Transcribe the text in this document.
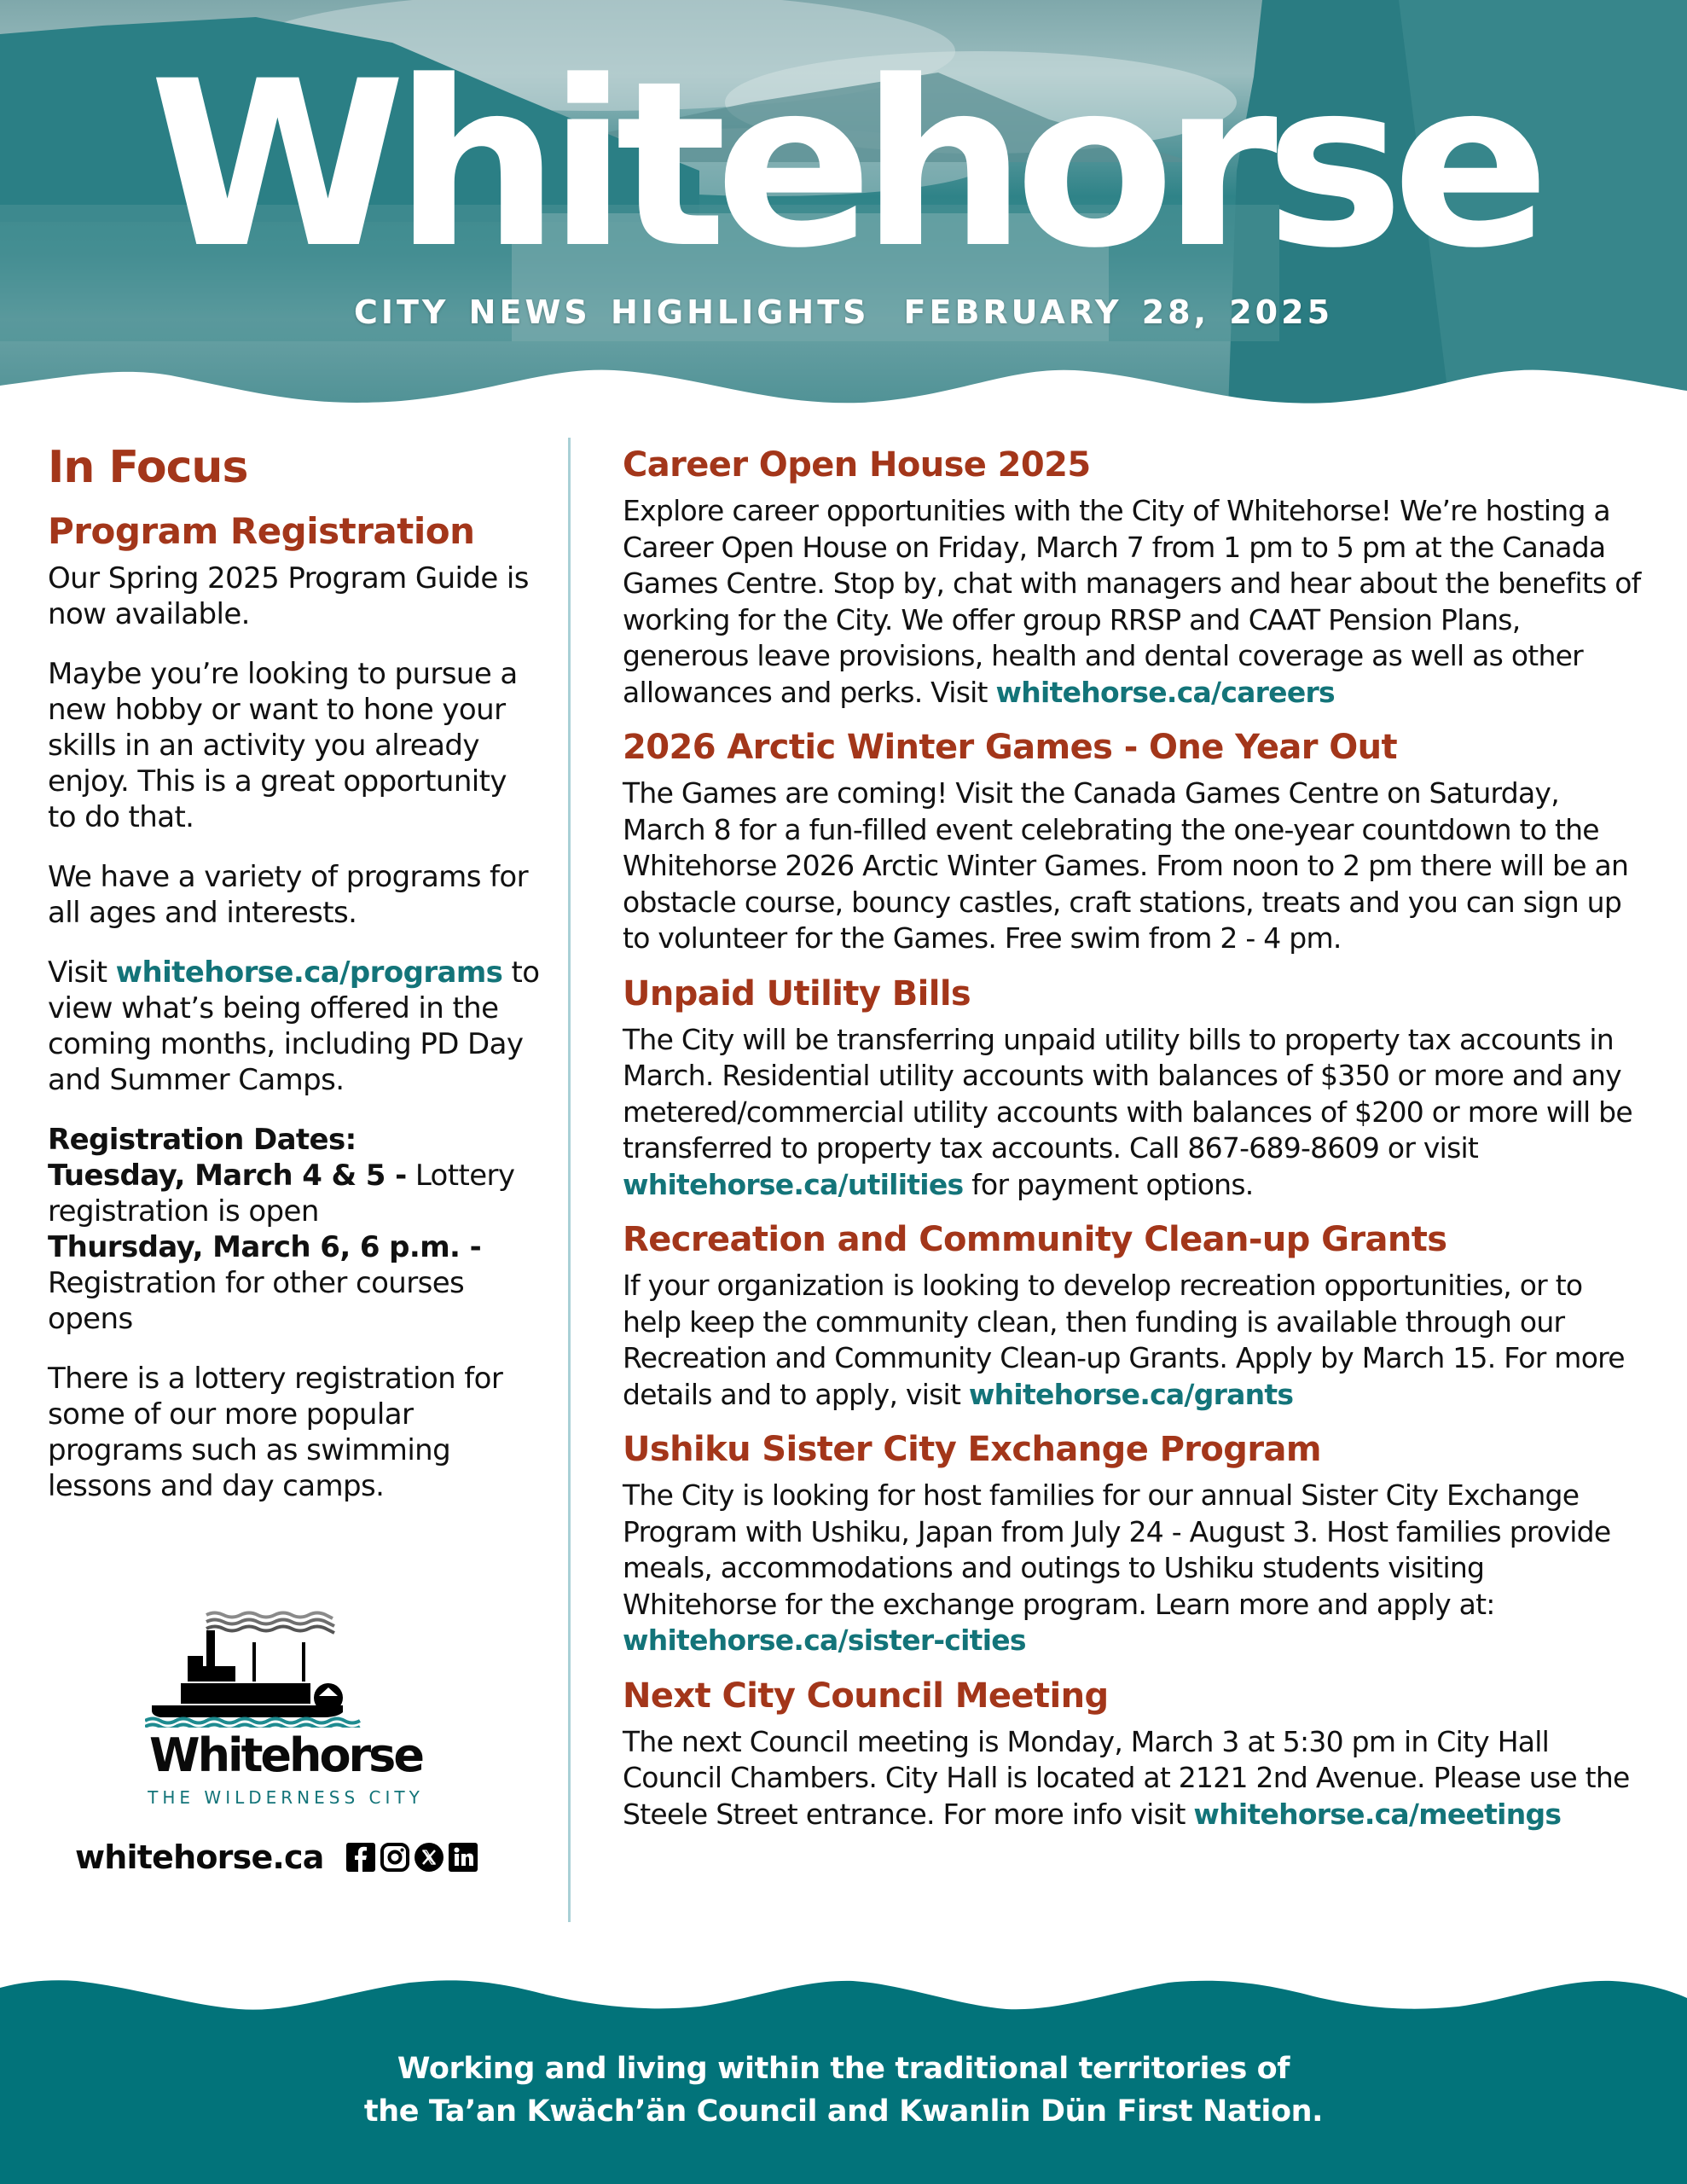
Whitehorse
CITY NEWS HIGHLIGHTS FEBRUARY 28, 2025
In Focus
Program Registration

Our Spring 2025 Program Guide is now available.

Maybe you’re looking to pursue a new hobby or want to hone your skills in an activity you already enjoy. This is a great opportunity to do that.

We have a variety of programs for all ages and interests.

Visit whitehorse.ca/programs to view what’s being offered in the coming months, including PD Day and Summer Camps.

Registration Dates:
Tuesday, March 4 & 5 - Lottery registration is open
Thursday, March 6, 6 p.m. - Registration for other courses opens

There is a lottery registration for some of our more popular programs such as swimming lessons and day camps.

Whitehorse
THE WILDERNESS CITY
whitehorse.ca
Career Open House 2025

Explore career opportunities with the City of Whitehorse! We’re hosting a Career Open House on Friday, March 7 from 1 pm to 5 pm at the Canada Games Centre. Stop by, chat with managers and hear about the benefits of working for the City. We offer group RRSP and CAAT Pension Plans, generous leave provisions, health and dental coverage as well as other allowances and perks. Visit whitehorse.ca/careers

2026 Arctic Winter Games - One Year Out

The Games are coming! Visit the Canada Games Centre on Saturday, March 8 for a fun-filled event celebrating the one-year countdown to the Whitehorse 2026 Arctic Winter Games. From noon to 2 pm there will be an obstacle course, bouncy castles, craft stations, treats and you can sign up to volunteer for the Games. Free swim from 2 - 4 pm.

Unpaid Utility Bills

The City will be transferring unpaid utility bills to property tax accounts in March. Residential utility accounts with balances of $350 or more and any metered/commercial utility accounts with balances of $200 or more will be transferred to property tax accounts. Call 867-689-8609 or visit whitehorse.ca/utilities for payment options.

Recreation and Community Clean-up Grants

If your organization is looking to develop recreation opportunities, or to help keep the community clean, then funding is available through our Recreation and Community Clean-up Grants. Apply by March 15. For more details and to apply, visit whitehorse.ca/grants

Ushiku Sister City Exchange Program

The City is looking for host families for our annual Sister City Exchange Program with Ushiku, Japan from July 24 - August 3. Host families provide meals, accommodations and outings to Ushiku students visiting Whitehorse for the exchange program. Learn more and apply at: whitehorse.ca/sister-cities

Next City Council Meeting

The next Council meeting is Monday, March 3 at 5:30 pm in City Hall Council Chambers. City Hall is located at 2121 2nd Avenue. Please use the Steele Street entrance. For more info visit whitehorse.ca/meetings

Working and living within the traditional territories of
the Ta’an Kwäch’än Council and Kwanlin Dün First Nation.
